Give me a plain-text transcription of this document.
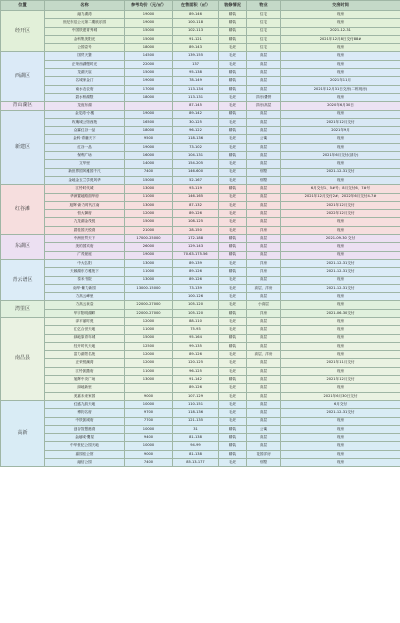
位置	名称	参考均价（元/㎡）	在售面积（㎡）	装修情况	物业	交房时间
经开区	融力湖湾	19000	89-146	精装	住宅	现房
	世纪东辰公元第二期欧乐园	19000	100-118	精装	住宅	现房
	中国铁建青秀城	15000	102-113	精装	住宅	2021-12-31
	金科集美阳光	15000	91-121	精装	住宅	2021年12月8日交付88#
	公园壹号	18000	89-143	毛坯	住宅	现房
西湖区	国贸天寰	14500	139-155	毛坯	高层	现房
	正荣西湖慢时光	22000	137	毛坯	高层	现房
	龙湖天宸	15000	95-138	精装	高层	现房
	名城家金汀	19000	78-149	精装	高层	2021年11月
	南水农农府	17000	113-134	精装	高层	2021年12月31日交房(二栋现房)
	碧水桥湖墅	18000	113-131	毛坯	洋房/叠拼	现房
青山湖区	龙庭东湖		87-145	毛坯	洋房/高层	2020年6月30日
新建区	金龙湾·小楼	19000	89-142	精装	高层	现房
	玫瑰城公馆西苑	16500	30-125	毛坯	高层	2021年12月交付
	众霖红谷一品	18000	96-122	精装	高层	2021年9月
	金科·青藤天下	9500	118-136	毛坯	公寓	现房
	红谷一品	19000	73-102	毛坯	高层	现房
	保利广场	16000	104-131	精装	高层	2021年6月交付(部分)
	文华里	14000	154-205	毛坯	高层	现房
	新世界国风雅园千尺	7400	146-600	毛坯	别墅	2021-12-31交付
	金地金玉兰学苑风华	15000	52-167	毛坯	别墅	现房
红谷滩	江铃时代城	13000	93-119	精装	高层	6月交付1、5#号；8月交付6、7#号
	华润置地路面华府	11000	146-165	毛坯	高层	2021年12月交付2#；2022年6月交付4-7#
	旭辉·新力时代江南	13000	87-132	毛坯	高层	2021年12月交付
	恒大御府	12000	89-126	毛坯	高层	2022年12月交付
	九龙湖金茂悦	15000	108-125	毛坯	高层	现房
	碧桂园天悦湾	21000	28-150	毛坯	洋房	现房
东湖区	中洲世贸天下	17000-25000	172-188	精装	高层	2021-09-30 交付
	美的国宾府	26000	129-143	精装	高层	现房
	广茂豪庭	19000	70.63-175.56	精装	高层	现房
青云谱区	中大弘阳	13000	89-139	毛坯	洋房	2021-12-31交付
	天颐湖东方雅苑下	11000	89-126	精装	洋房	2021-12-31交付
	泰禾书院	13000	89-126	毛坯	高层	现房
	南华·紫力新园	13000-15000	73-139	毛坯	高层、洋房	2021-12-31交付
	力高云峰里		100-126	毛坯	高层	现房
湾里区	力高云泉壹	22000-27000	105-120	毛坯	小高层	现房
	华宇阳明湖畔	22000-27000	105-120	精装	洋房	2021-06-30交付
南昌县	泽平丽时苑	12000	88-110	毛坯	高层	现房
	汇亿合世天地	11000	75-93	毛坯	高层	现房
	绿地原青年城	15000	95-164	精装	高层	现房
	经开时代天地	12500	99-135	精装	高层	现房
	富力湖景名苑	12000	89-126	毛坯	高层、洋房	现房
	正荣悦澜湾	12000	120-125	毛坯	高层	2021年11月交付
	江铃凯撒府	11000	96-125	毛坯	高层	现房
	旭辉中央广场	13000	91-142	精装	高层	2021年12月交付
	绿地新里		89-126	毛坯	高层	现房
	美嘉未来家园	9000	107-129	毛坯	高层	2021年6月30日交付
高新	红盛九韵天地	10000	110-151	毛坯	高层	6月交付
	博钧名府	9700	118-136	毛坯	高层	2021-12-31交付
	中铁凯城府	7700	121-135	毛坯	高层	现房
	创谷智慧港湾	10000	31	精装	公寓	现房
	金融城·鹰星	9400	81-138	精装	高层	现房
	中华世纪公园天地	10000	94-99	精装	高层	现房
	嘉园佳公馆	9000	81-138	精装	花园洋房	现房
	融信公园	7400	85.13-177	毛坯	别墅	现房
